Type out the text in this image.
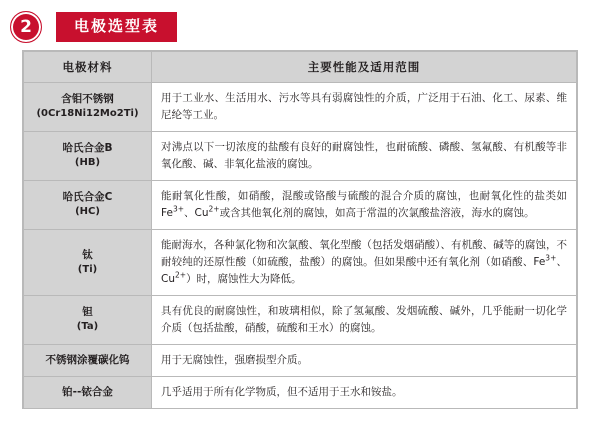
2	电极选型表
电极材料	主要性能及适用范围
含钼不锈钢
(0Cr18Ni12Mo2Ti)	用于工业水、生活用水、污水等具有弱腐蚀性的介质，广泛用于石油、化工、尿素、维尼纶等工业。
哈氏合金B
(HB)	对沸点以下一切浓度的盐酸有良好的耐腐蚀性，也耐硫酸、磷酸、氢氟酸、有机酸等非氧化酸、碱、非氧化盐液的腐蚀。
哈氏合金C
(HC)	能耐氧化性酸，如硝酸，混酸或铬酸与硫酸的混合介质的腐蚀，也耐氧化性的盐类如$Fe^{3+}$、$Cu^{2+}$或含其他氧化剂的腐蚀，如高于常温的次氯酸盐溶液，海水的腐蚀。
钛
(Ti)	能耐海水，各种氯化物和次氯酸、氧化型酸（包括发烟硝酸）、有机酸、碱等的腐蚀，不耐较纯的还原性酸（如硫酸，盐酸）的腐蚀。但如果酸中还有氧化剂（如硝酸、$Fe^{3+}$、$Cu^{2+}$）时，腐蚀性大为降低。
钽
(Ta)	具有优良的耐腐蚀性，和玻璃相似，除了氢氟酸、发烟硫酸、碱外，几乎能耐一切化学介质（包括盐酸，硝酸，硫酸和王水）的腐蚀。
不锈钢涂覆碳化钨	用于无腐蚀性，强磨损型介质。
铂--铱合金	几乎适用于所有化学物质，但不适用于王水和铵盐。
